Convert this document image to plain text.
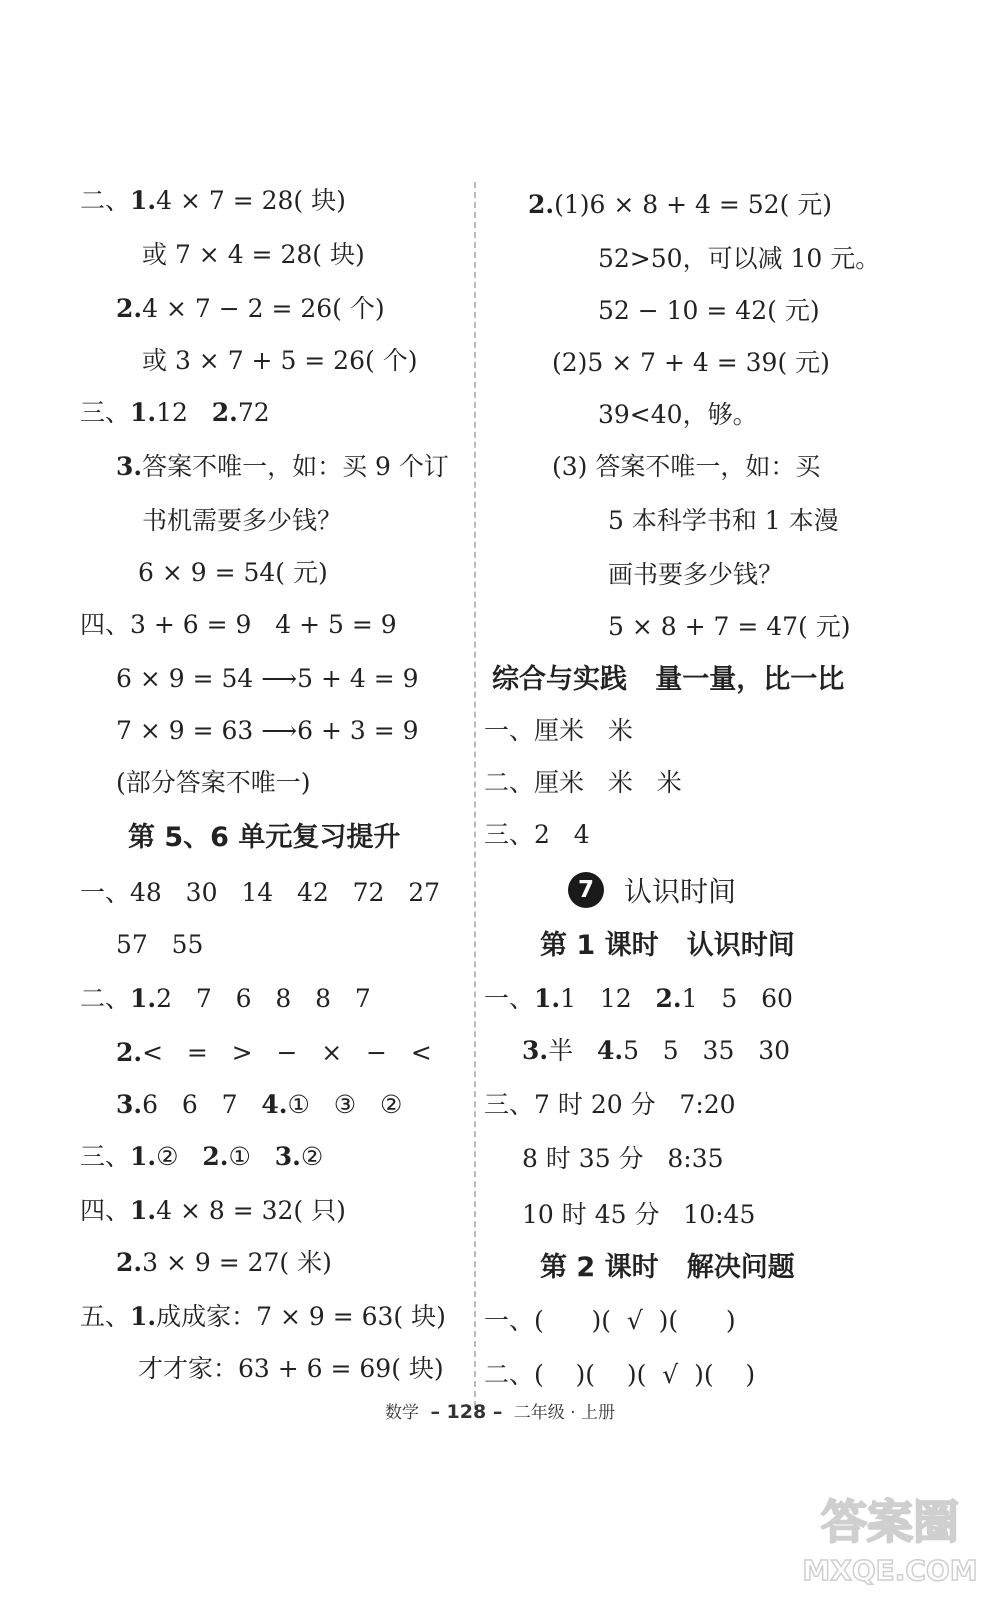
二、1.4 × 7 = 28( 块)
或 7 × 4 = 28( 块)
2.4 × 7 − 2 = 26( 个)
或 3 × 7 + 5 = 26( 个)
三、1.12   2.72
3.答案不唯一，如：买 9 个订
书机需要多少钱？
6 × 9 = 54( 元)
四、3 + 6 = 9   4 + 5 = 9
6 × 9 = 54 ⟶5 + 4 = 9
7 × 9 = 63 ⟶6 + 3 = 9
(部分答案不唯一)
第 5、6 单元复习提升
一、48   30   14   42   72   27
57   55
二、1.2   7   6   8   8   7
2.<   =   >   −   ×   −   <
3.6   6   7   4.①   ③   ②
三、1.②   2.①   3.②
四、1.4 × 8 = 32( 只)
2.3 × 9 = 27( 米)
五、1.成成家：7 × 9 = 63( 块)
才才家：63 + 6 = 69( 块)
2.(1)6 × 8 + 4 = 52( 元)
52>50，可以减 10 元。
52 − 10 = 42( 元)
(2)5 × 7 + 4 = 39( 元)
39<40，够。
(3) 答案不唯一，如：买
5 本科学书和 1 本漫
画书要多少钱？
5 × 8 + 7 = 47( 元)
综合与实践   量一量，比一比
一、厘米   米
二、厘米   米   米
三、2   4
7	认识时间
第 1 课时   认识时间
一、1.1   12   2.1   5   60
3.半   4.5   5   35   30
三、7 时 20 分   7:20
8 时 35 分   8:35
10 时 45 分   10:45
第 2 课时   解决问题
一、(      )(  √  )(      )
二、(    )(    )(  √  )(    )
数学 – 128 – 二年级 · 上册
答案圈
MXQE.COM
